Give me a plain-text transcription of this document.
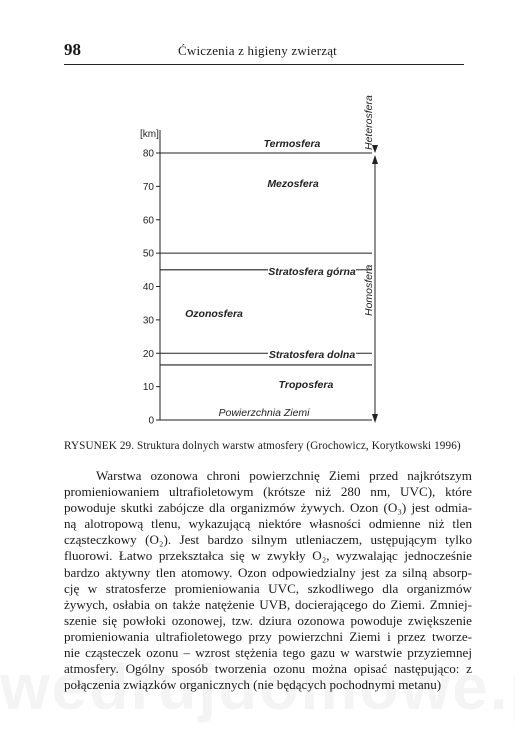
98	Ćwiczenia z higieny zwierząt
[km]
0
10
20
30
40
50
60
70
80
Termosfera
Mezosfera
Stratosfera górna
Ozonosfera
Stratosfera dolna
Troposfera
Powierzchnia Ziemi
Heterosfera
Homosfera
RYSUNEK 29. Struktura dolnych warstw atmosfery (Grochowicz, Korytkowski 1996)
Warstwa ozonowa chroni powierzchnię Ziemi przed najkrótszym
promieniowaniem ultrafioletowym (krótsze niż 280 nm, UVC), które
powoduje skutki zabójcze dla organizmów żywych. Ozon (O₃) jest odmia-
ną alotropową tlenu, wykazującą niektóre własności odmienne niż tlen
cząsteczkowy (O₂). Jest bardzo silnym utleniaczem, ustępującym tylko
fluorowi. Łatwo przekształca się w zwykły O₂, wyzwalając jednocześnie
bardzo aktywny tlen atomowy. Ozon odpowiedzialny jest za silną absorp-
cję w stratosferze promieniowania UVC, szkodliwego dla organizmów
żywych, osłabia on także natężenie UVB, docierającego do Ziemi. Zmniej-
szenie się powłoki ozonowej, tzw. dziura ozonowa powoduje zwiększenie
promieniowania ultrafioletowego przy powierzchni Ziemi i przez tworze-
nie cząsteczek ozonu – wzrost stężenia tego gazu w warstwie przyziemnej
atmosfery. Ogólny sposób tworzenia ozonu można opisać następująco: z
połączenia związków organicznych (nie będących pochodnymi metanu)
